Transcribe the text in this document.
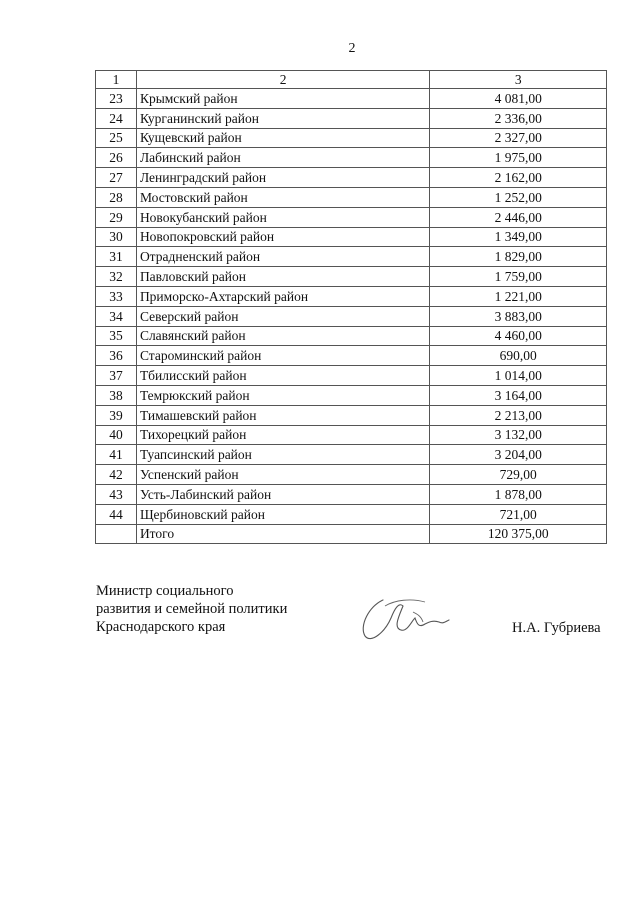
2
1	2	3
23	Крымский район	4 081,00
24	Курганинский район	2 336,00
25	Кущевский район	2 327,00
26	Лабинский район	1 975,00
27	Ленинградский район	2 162,00
28	Мостовский район	1 252,00
29	Новокубанский район	2 446,00
30	Новопокровский район	1 349,00
31	Отрадненский район	1 829,00
32	Павловский район	1 759,00
33	Приморско-Ахтарский район	1 221,00
34	Северский район	3 883,00
35	Славянский район	4 460,00
36	Староминский район	690,00
37	Тбилисский район	1 014,00
38	Темрюкский район	3 164,00
39	Тимашевский район	2 213,00
40	Тихорецкий район	3 132,00
41	Туапсинский район	3 204,00
42	Успенский район	729,00
43	Усть-Лабинский район	1 878,00
44	Щербиновский район	721,00
	Итого	120 375,00
Министр социального
развития и семейной политики
Краснодарского края	Н.А. Губриева
